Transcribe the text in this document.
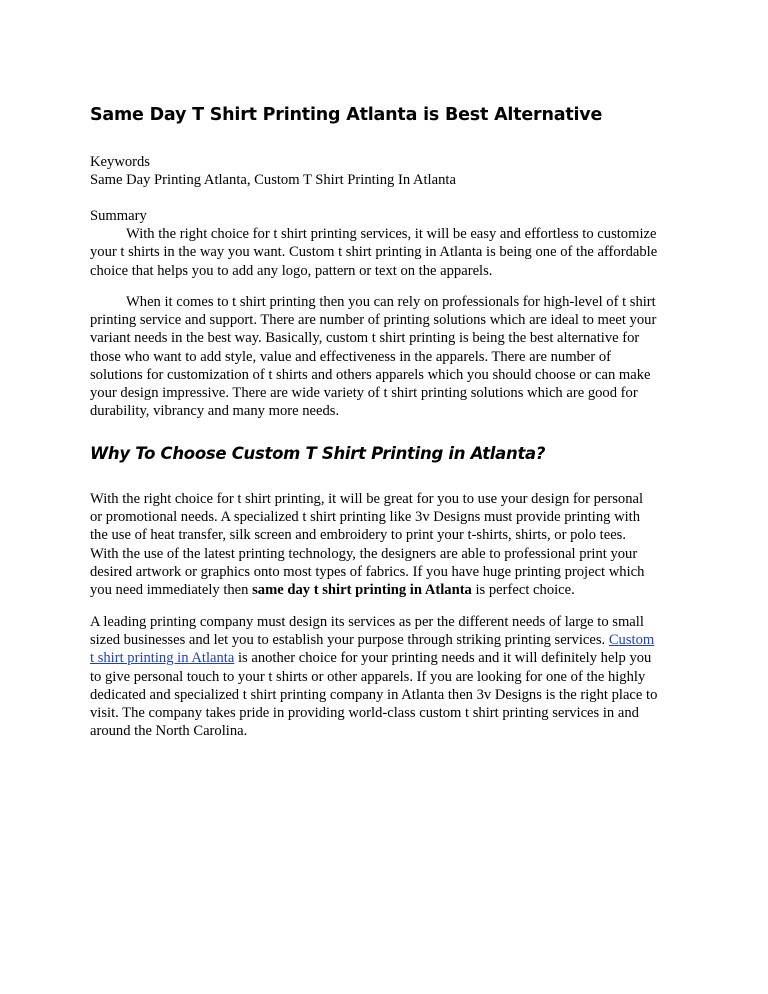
Same Day T Shirt Printing Atlanta is Best Alternative
Keywords
Same Day Printing Atlanta, Custom T Shirt Printing In Atlanta
Summary
With the right choice for t shirt printing services, it will be easy and effortless to customize
your t shirts in the way you want. Custom t shirt printing in Atlanta is being one of the affordable
choice that helps you to add any logo, pattern or text on the apparels.
When it comes to t shirt printing then you can rely on professionals for high-level of t shirt
printing service and support. There are number of printing solutions which are ideal to meet your
variant needs in the best way. Basically, custom t shirt printing is being the best alternative for
those who want to add style, value and effectiveness in the apparels. There are number of
solutions for customization of t shirts and others apparels which you should choose or can make
your design impressive. There are wide variety of t shirt printing solutions which are good for
durability, vibrancy and many more needs.
Why To Choose Custom T Shirt Printing in Atlanta?
With the right choice for t shirt printing, it will be great for you to use your design for personal
or promotional needs. A specialized t shirt printing like 3v Designs must provide printing with
the use of heat transfer, silk screen and embroidery to print your t-shirts, shirts, or polo tees.
With the use of the latest printing technology, the designers are able to professional print your
desired artwork or graphics onto most types of fabrics. If you have huge printing project which
you need immediately then same day t shirt printing in Atlanta is perfect choice.
A leading printing company must design its services as per the different needs of large to small
sized businesses and let you to establish your purpose through striking printing services. Custom
t shirt printing in Atlanta is another choice for your printing needs and it will definitely help you
to give personal touch to your t shirts or other apparels. If you are looking for one of the highly
dedicated and specialized t shirt printing company in Atlanta then 3v Designs is the right place to
visit. The company takes pride in providing world-class custom t shirt printing services in and
around the North Carolina.
